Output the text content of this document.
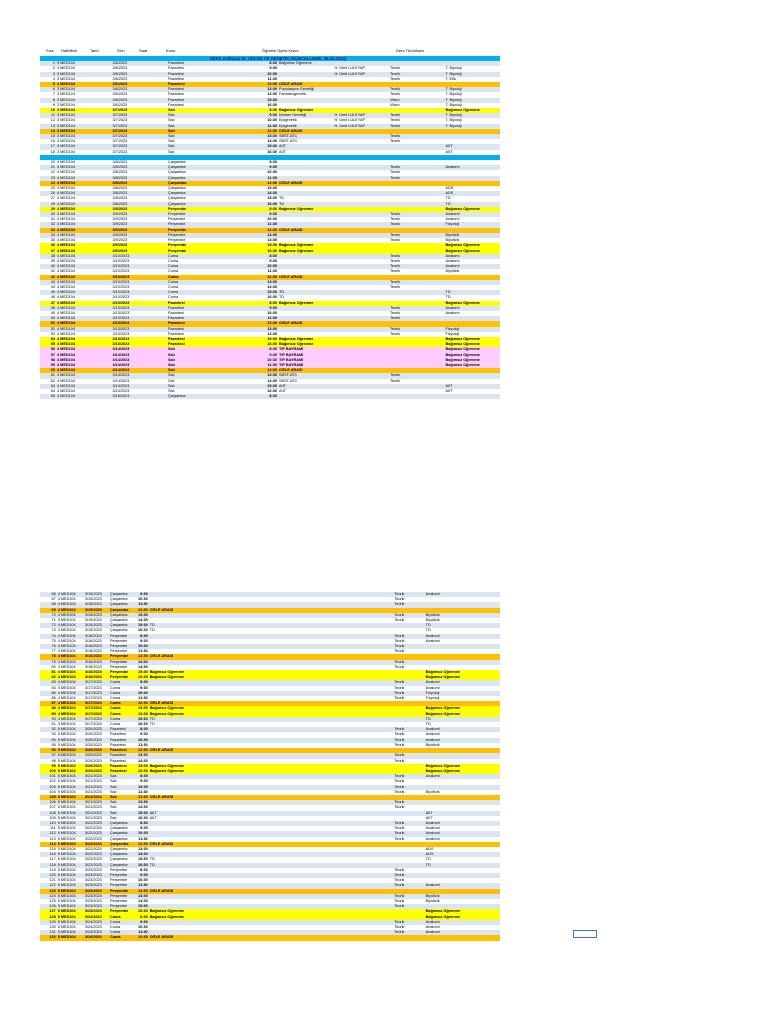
Sıra Haft/Blok	Tarih	Gün	Saat	Konu	Öğretim Üyesi Kısmı	Ders Türü/Alanı
	DERS KURULU-III: HÜCRE VE GENETİK (GÜNCELLEME: 08.03.2023)							
1	3 MED104	3/6/2023	Pazartesi	8:30	Bağımsız Öğrenme			
2	3 MED104	3/6/2023	Pazartesi	9:30		H. Ümit LÜLEYAP	Teorik	T. Biyoloji
3	3 MED104	3/6/2023	Pazartesi	10:30		H. Ümit LÜLEYAP	Teorik	T. Biyoloji
4	3 MED104	3/6/2023	Pazartesi	11:30			Teorik	T. Etik
5	3 MED104	3/6/2023	Pazartesi	12:30	ÖĞLE ARASI			
6	3 MED104	3/6/2023	Pazartesi	13:30	Populasyon Genetiği		Teorik	T. Biyoloji
7	3 MED104	3/6/2023	Pazartesi	14:30	Farmakogenetik		Teorik	T. Biyoloji
8	3 MED104	3/6/2023	Pazartesi	15:30			Video	T. Biyoloji
9	3 MED104	3/6/2023	Pazartesi	16:30			Video	T. Biyoloji
10	3 MED104	3/7/2023	Salı	8:30	Bağımsız Öğrenme			Bağımsız Öğrenme
11	3 MED104	3/7/2023	Salı	9:30	Kanser Genetiği	H. Ümit LÜLEYAP	Teorik	T. Biyoloji
12	3 MED104	3/7/2023	Salı	10:30	Epigenetik	H. Ümit LÜLEYAP	Teorik	T. Biyoloji
13	3 MED104	3/7/2023	Salı	11:30	Epigenetik	H. Ümit LÜLEYAP	Teorik	T. Biyoloji
14	3 MED104	3/7/2023	Salı	12:30	ÖĞLE ARASI			
15	3 MED104	3/7/2023	Salı	13:30	SBST-ATC		Teorik	
16	3 MED104	3/7/2023	Salı	14:30	SBST-ATC		Teorik	
17	3 MED104	3/7/2023	Salı	15:30	AİİT			AİİT
18	3 MED104	3/7/2023	Salı	16:30	AİİT			AİİT

20	4 MED104	3/8/2023	Çarşamba	8:30				
21	4 MED104	3/8/2023	Çarşamba	9:30			Teorik	Anatomi
22	4 MED104	3/8/2023	Çarşamba	10:30			Teorik	
23	4 MED104	3/8/2023	Çarşamba	11:30			Teorik	
24	4 MED104	3/8/2023	Çarşamba	12:30	ÖĞLE ARASI			
25	4 MED104	3/8/2023	Çarşamba	13:30				ADS
26	4 MED104	3/8/2023	Çarşamba	14:30				ADS
27	4 MED104	3/8/2023	Çarşamba	15:30	TD			TD
28	4 MED104	3/8/2023	Çarşamba	16:30	TD			TD
29	4 MED104	3/9/2023	Perşembe	8:30	Bağımsız Öğrenme			Bağımsız Öğrenme
30	4 MED104	3/9/2023	Perşembe	9:30			Teorik	Anatomi
31	4 MED104	3/9/2023	Perşembe	10:30			Teorik	Anatomi
32	4 MED104	3/9/2023	Perşembe	11:30			Teorik	Fizyoloji
33	4 MED104	3/9/2023	Perşembe	12:30	ÖĞLE ARASI			
34	4 MED104	3/9/2023	Perşembe	13:30			Teorik	Biyofizik
35	4 MED104	3/9/2023	Perşembe	14:30			Teorik	Biyofizik
36	4 MED104	3/9/2023	Perşembe	15:30	Bağımsız Öğrenme			Bağımsız Öğrenme
37	4 MED104	3/9/2023	Perşembe	16:30	Bağımsız Öğrenme			Bağımsız Öğrenme
38	4 MED104	3/10/2023	Cuma	8:30			Teorik	Anatomi
39	4 MED104	3/10/2023	Cuma	9:30			Teorik	Anatomi
40	4 MED104	3/10/2023	Cuma	10:30			Teorik	Anatomi
41	4 MED104	3/10/2023	Cuma	11:30			Teorik	Biyofizik
42	4 MED104	3/10/2023	Cuma	12:30	ÖĞLE ARASI			
43	4 MED104	3/10/2023	Cuma	13:30			Teorik	
44	4 MED104	3/10/2023	Cuma	14:30			Teorik	
45	4 MED104	3/10/2023	Cuma	15:30	TD			TD
46	4 MED104	3/10/2023	Cuma	16:30	TD			TD
47	4 MED104	3/13/2023	Pazartesi	8:30	Bağımsız Öğrenme			Bağımsız Öğrenme
48	4 MED104	3/13/2023	Pazartesi	9:30			Teorik	Anatomi
49	4 MED104	3/13/2023	Pazartesi	10:30			Teorik	Anatomi
50	4 MED104	3/13/2023	Pazartesi	11:30			Teorik	
51	4 MED104	3/13/2023	Pazartesi	12:30	ÖĞLE ARASI			
52	4 MED104	3/13/2023	Pazartesi	13:30			Teorik	Fizyoloji
53	4 MED104	3/13/2023	Pazartesi	14:30			Teorik	Fizyoloji
54	4 MED104	3/13/2023	Pazartesi	15:30	Bağımsız Öğrenme			Bağımsız Öğrenme
55	4 MED104	3/13/2023	Pazartesi	16:30	Bağımsız Öğrenme			Bağımsız Öğrenme
56	4 MED104	3/14/2023	Salı	8:30	TIP BAYRAMI			Bağımsız Öğrenme
57	4 MED104	3/14/2023	Salı	9:30	TIP BAYRAMI			Bağımsız Öğrenme
58	4 MED104	3/14/2023	Salı	10:30	TIP BAYRAMI			Bağımsız Öğrenme
59	4 MED104	3/14/2023	Salı	11:30	TIP BAYRAMI			Bağımsız Öğrenme
60	4 MED104	3/14/2023	Salı	12:30	ÖĞLE ARASI			
61	4 MED104	3/14/2023	Salı	13:30	SBST-ATC		Teorik	
62	4 MED104	3/14/2023	Salı	14:30	SBST-ATC		Teorik	
63	4 MED104	3/14/2023	Salı	15:30	AİİT			AİİT
64	4 MED104	3/14/2023	Salı	16:30	AİİT			AİİT
65	4 MED104	3/15/2023	Çarşamba	8:30				
66	4 MED104	3/15/2023	Çarşamba	9:30			Teorik	Anatomi
67	4 MED104	3/15/2023	Çarşamba	10:30			Teorik	
68	4 MED104	3/15/2023	Çarşamba	11:30			Teorik	
69	4 MED104	3/15/2023	Çarşamba	12:30	ÖĞLE ARASI			
70	4 MED104	3/15/2023	Çarşamba	13:30			Teorik	Biyofizik
71	4 MED104	3/15/2023	Çarşamba	14:30			Teorik	Biyofizik
72	4 MED104	3/15/2023	Çarşamba	15:30	TD			TD
73	4 MED104	3/15/2023	Çarşamba	16:30	TD			TD
74	4 MED104	3/16/2023	Perşembe	8:30			Teorik	Anatomi
75	4 MED104	3/16/2023	Perşembe	9:30			Teorik	Anatomi
76	4 MED104	3/16/2023	Perşembe	10:30			Teorik	
77	4 MED104	3/16/2023	Perşembe	11:30			Teorik	
78	4 MED104	3/16/2023	Perşembe	12:30	ÖĞLE ARASI			
79	4 MED104	3/16/2023	Perşembe	13:30			Teorik	
80	4 MED104	3/16/2023	Perşembe	14:30			Teorik	
81	4 MED104	3/16/2023	Perşembe	15:30	Bağımsız Öğrenme			Bağımsız Öğrenme
82	4 MED104	3/16/2023	Perşembe	16:30	Bağımsız Öğrenme			Bağımsız Öğrenme
83	4 MED104	3/17/2023	Cuma	8:30			Teorik	Anatomi
84	4 MED104	3/17/2023	Cuma	9:30			Teorik	Anatomi
85	4 MED104	3/17/2023	Cuma	10:30			Teorik	Fizyoloji
86	4 MED104	3/17/2023	Cuma	11:30			Teorik	Fizyoloji
87	4 MED104	3/17/2023	Cuma	12:30	ÖĞLE ARASI			
88	4 MED104	3/17/2023	Cuma	13:30	Bağımsız Öğrenme			Bağımsız Öğrenme
89	4 MED104	3/17/2023	Cuma	14:30	Bağımsız Öğrenme			Bağımsız Öğrenme
90	4 MED104	3/17/2023	Cuma	15:30	TD			TD
91	4 MED104	3/17/2023	Cuma	16:30	TD			TD
92	5 MED104	3/20/2023	Pazartesi	8:30			Teorik	Anatomi
93	5 MED104	3/20/2023	Pazartesi	9:30			Teorik	Anatomi
94	5 MED104	3/20/2023	Pazartesi	10:30			Teorik	Anatomi
95	5 MED104	3/20/2023	Pazartesi	11:30			Teorik	Biyofizik
96	5 MED104	3/20/2023	Pazartesi	12:30	ÖĞLE ARASI			
97	5 MED104	3/20/2023	Pazartesi	13:30			Teorik	
98	5 MED104	3/20/2023	Pazartesi	14:30			Teorik	
99	5 MED104	3/20/2023	Pazartesi	15:30	Bağımsız Öğrenme			Bağımsız Öğrenme
100	5 MED104	3/20/2023	Pazartesi	16:30	Bağımsız Öğrenme			Bağımsız Öğrenme
101	5 MED104	3/21/2023	Salı	8:30			Teorik	Anatomi
102	5 MED104	3/21/2023	Salı	9:30			Teorik	
103	5 MED104	3/21/2023	Salı	10:30			Teorik	
104	5 MED104	3/21/2023	Salı	11:30			Teorik	Biyofizik
105	5 MED104	3/21/2023	Salı	12:30	ÖĞLE ARASI			
106	5 MED104	3/21/2023	Salı	13:30			Teorik	
107	5 MED104	3/21/2023	Salı	14:30			Teorik	
108	5 MED104	3/21/2023	Salı	15:30	AİİT			AİİT
109	5 MED104	3/21/2023	Salı	16:30	AİİT			AİİT
110	5 MED104	3/22/2023	Çarşamba	8:30			Teorik	Anatomi
111	5 MED104	3/22/2023	Çarşamba	9:30			Teorik	Anatomi
112	5 MED104	3/22/2023	Çarşamba	10:30			Teorik	Anatomi
113	5 MED104	3/22/2023	Çarşamba	11:30			Teorik	Anatomi
114	5 MED104	3/22/2023	Çarşamba	12:30	ÖĞLE ARASI			
115	5 MED104	3/22/2023	Çarşamba	13:30				ADS
116	5 MED104	3/22/2023	Çarşamba	14:30				ADS
117	5 MED104	3/22/2023	Çarşamba	15:30	TD			TD
118	5 MED104	3/22/2023	Çarşamba	16:30	TD			TD
119	5 MED104	3/23/2023	Perşembe	8:30			Teorik	
120	5 MED104	3/23/2023	Perşembe	9:30			Teorik	
121	5 MED104	3/23/2023	Perşembe	10:30			Teorik	
122	5 MED104	3/23/2023	Perşembe	11:30			Teorik	Anatomi
123	5 MED104	3/23/2023	Perşembe	12:30	ÖĞLE ARASI			
124	5 MED104	3/23/2023	Perşembe	13:30			Teorik	Biyofizik
125	5 MED104	3/23/2023	Perşembe	14:30			Teorik	Biyofizik
126	5 MED104	3/23/2023	Perşembe	15:30			Teorik	
127	5 MED104	3/23/2023	Perşembe	16:30	Bağımsız Öğrenme			Bağımsız Öğrenme
128	5 MED104	3/24/2023	Cuma	8:30	Bağımsız Öğrenme			Bağımsız Öğrenme
129	5 MED104	3/24/2023	Cuma	9:30			Teorik	Anatomi
130	5 MED104	3/24/2023	Cuma	10:30			Teorik	Anatomi
131	5 MED104	3/24/2023	Cuma	11:30			Teorik	Anatomi
132	5 MED104	3/24/2023	Cuma	12:30	ÖĞLE ARASI			
